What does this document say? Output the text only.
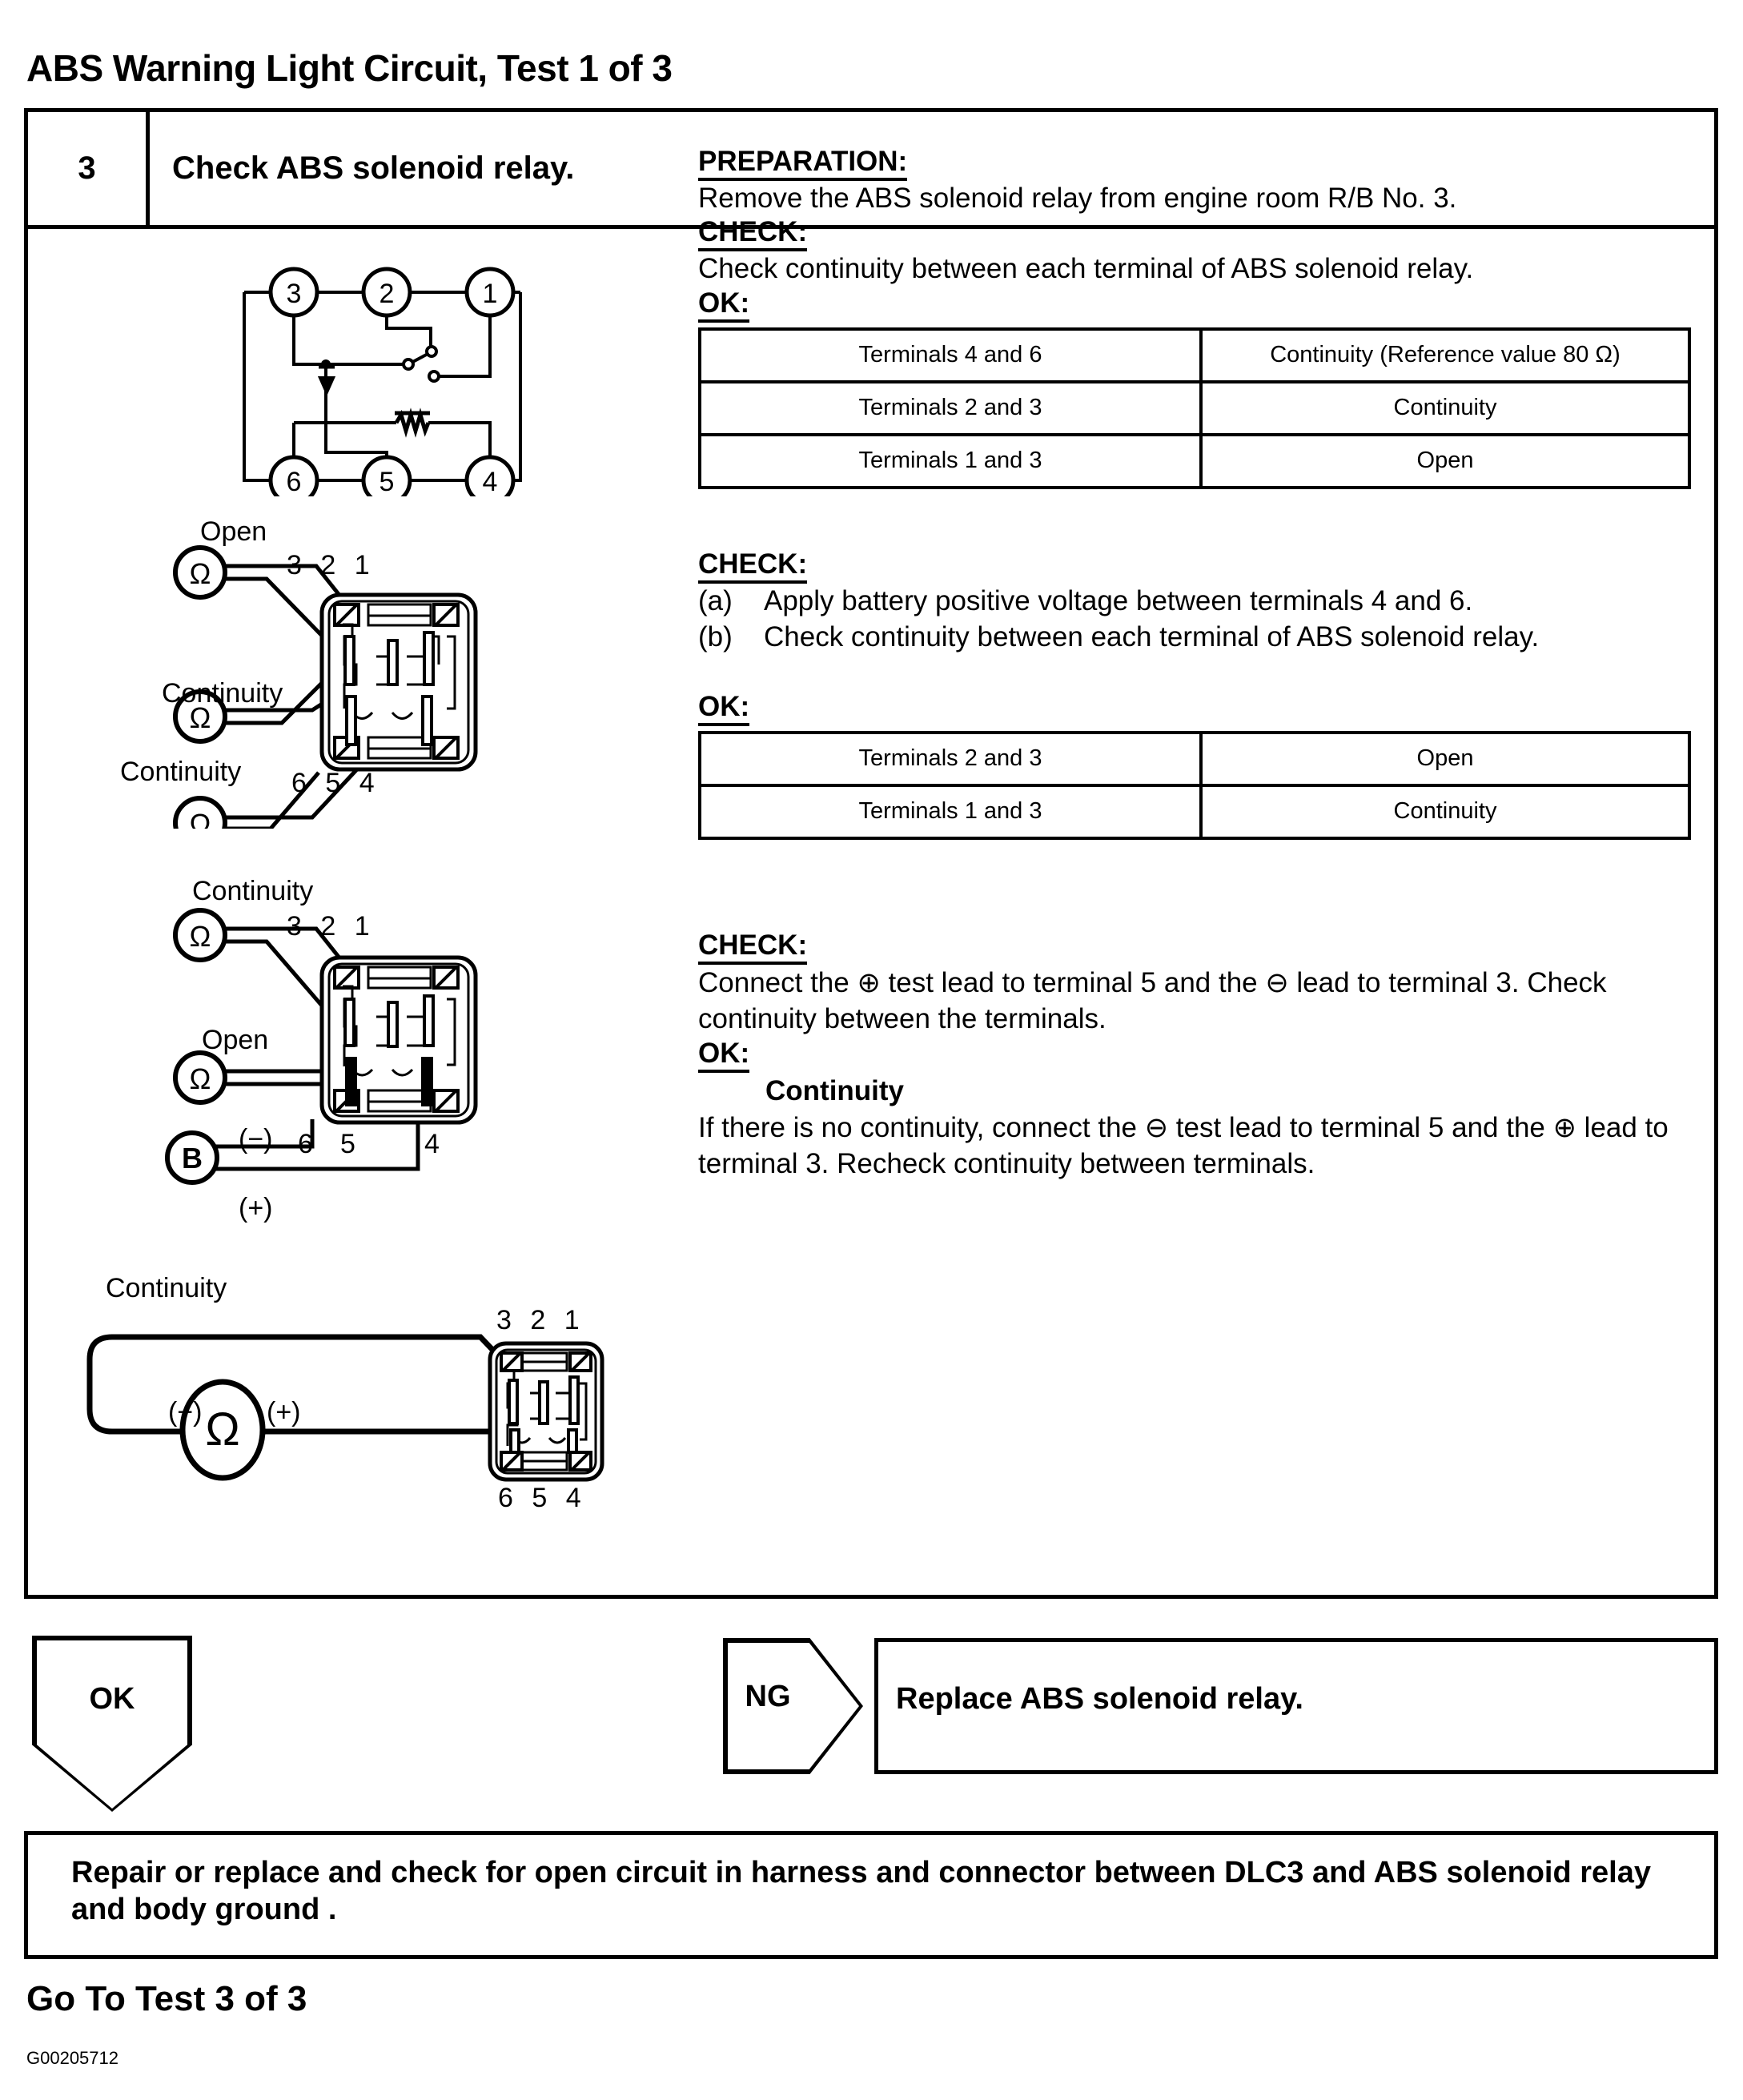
ABS Warning Light Circuit, Test 1 of 3
3 Check ABS solenoid relay.
3	2	1
6	5	4
Open
Continuity
Continuity
3 2 1
6 5 4
Ω
Ω
Ω
Continuity
Open
3 2 1
6 5	4
(−)
(+)
Ω
Ω
B
Continuity
3 2 1
6 5 4
(−) (+)
Ω
PREPARATION:
Remove the ABS solenoid relay from engine room R/B No. 3.
CHECK:
Check continuity between each terminal of ABS solenoid relay.
OK:
Terminals 4 and 6	Continuity (Reference value 80 Ω)
Terminals 2 and 3	Continuity
Terminals 1 and 3	Open
CHECK:
(a)	Apply battery positive voltage between terminals 4 and 6.
(b)	Check continuity between each terminal of ABS solenoid relay.
OK:
Terminals 2 and 3	Open
Terminals 1 and 3	Continuity
CHECK:
Connect the ⊕ test lead to terminal 5 and the ⊖ lead to terminal 3. Check continuity between the terminals.
OK:
Continuity
If there is no continuity, connect the ⊖ test lead to terminal 5 and the ⊕ lead to terminal 3. Recheck continuity between terminals.
OK	NG	Replace ABS solenoid relay.
Repair or replace and check for open circuit in harness and connector between DLC3 and ABS solenoid relay and body ground .
Go To Test 3 of 3
G00205712
